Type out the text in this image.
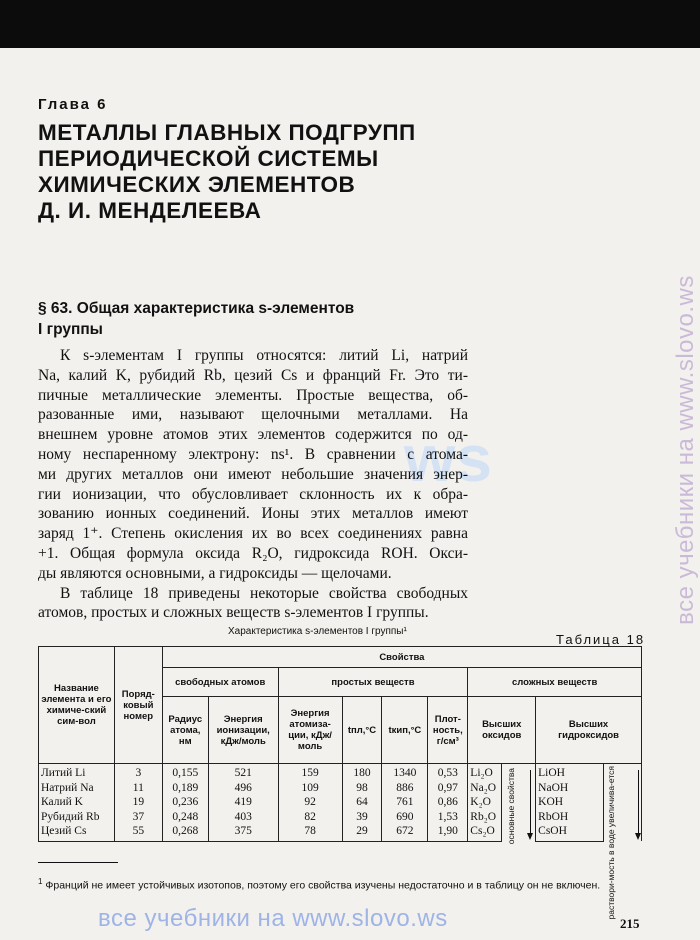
Глава 6
МЕТАЛЛЫ ГЛАВНЫХ ПОДГРУПП
ПЕРИОДИЧЕСКОЙ СИСТЕМЫ
ХИМИЧЕСКИХ ЭЛЕМЕНТОВ
Д. И. МЕНДЕЛЕЕВА
§ 63. Общая характеристика s-элементов
I группы
ws
К s-элементам I группы относятся: литий Li, натрий
Na, калий K, рубидий Rb, цезий Cs и франций Fr. Это ти-
пичные металлические элементы. Простые вещества, об-
разованные ими, называют щелочными металлами. На
внешнем уровне атомов этих элементов содержится по од-
ному неспаренному электрону: ns¹. В сравнении с атома-
ми других металлов они имеют небольшие значения энер-
гии ионизации, что обусловливает склонность их к обра-
зованию ионных соединений. Ионы этих металлов имеют
заряд 1⁺. Степень окисления их во всех соединениях равна
+1. Общая формула оксида R₂O, гидроксида ROH. Окси-
ды являются основными, а гидроксиды — щелочами.
В таблице 18 приведены некоторые свойства свободных
атомов, простых и сложных веществ s-элементов I группы.
Таблица 18
Характеристика s-элементов I группы¹
Название элемента и его химиче-ский сим-вол	Поряд-ковый номер	Свойства									
		свободных атомов		простых веществ				сложных веществ			
		Радиус атома, нм	Энергия ионизации, кДж/моль	Энергия атомиза-ции, кДж/моль	tпл,°C	tкип,°C	Плот-ность, г/см³	Высших оксидов		Высших гидроксидов	
Литий Li	3	0,155	521	159	180	1340	0,53	Li₂O	основные свойства	LiOH	раствори-мость в воде увеличива-ется

Натрий Na	11	0,189	496	109	98	886	0,97	Na₂O		NaOH	
Калий K	19	0,236	419	92	64	761	0,86	K₂O		KOH	
Рубидий Rb	37	0,248	403	82	39	690	1,53	Rb₂O		RbOH	
Цезий Cs	55	0,268	375	78	29	672	1,90	Cs₂O		CsOH	
$^1$ Франций не имеет устойчивых изотопов, поэтому его свойства изучены недостаточно и в таблицу он не включен.
все учебники на www.slovo.ws
все учебники на www.slovo.ws
215
